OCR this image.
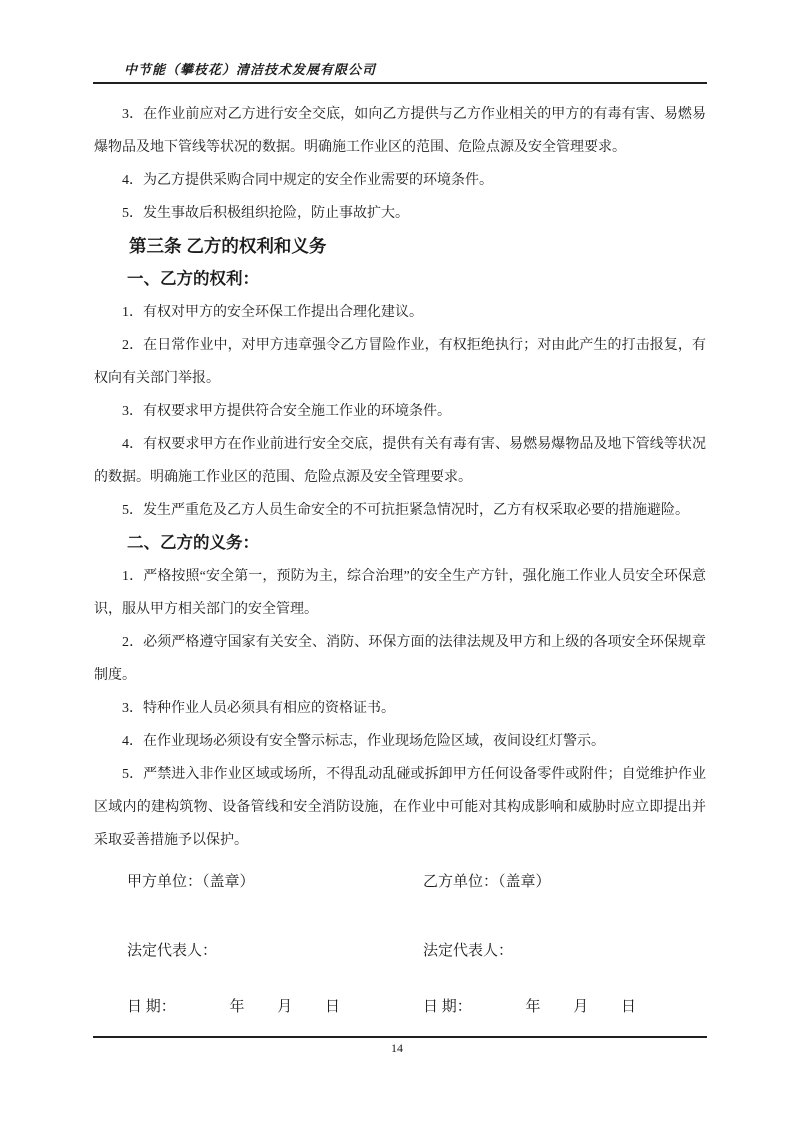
中节能（攀枝花）清洁技术发展有限公司

3．在作业前应对乙方进行安全交底，如向乙方提供与乙方作业相关的甲方的有毒有害、易燃易爆物品及地下管线等状况的数据。明确施工作业区的范围、危险点源及安全管理要求。

4．为乙方提供采购合同中规定的安全作业需要的环境条件。

5．发生事故后积极组织抢险，防止事故扩大。

第三条 乙方的权利和义务

一、乙方的权利：

1．有权对甲方的安全环保工作提出合理化建议。

2．在日常作业中，对甲方违章强令乙方冒险作业，有权拒绝执行；对由此产生的打击报复，有权向有关部门举报。

3．有权要求甲方提供符合安全施工作业的环境条件。

4．有权要求甲方在作业前进行安全交底，提供有关有毒有害、易燃易爆物品及地下管线等状况的数据。明确施工作业区的范围、危险点源及安全管理要求。

5．发生严重危及乙方人员生命安全的不可抗拒紧急情况时，乙方有权采取必要的措施避险。

二、乙方的义务：

1．严格按照“安全第一，预防为主，综合治理”的安全生产方针，强化施工作业人员安全环保意识，服从甲方相关部门的安全管理。

2．必须严格遵守国家有关安全、消防、环保方面的法律法规及甲方和上级的各项安全环保规章制度。

3．特种作业人员必须具有相应的资格证书。

4．在作业现场必须设有安全警示标志，作业现场危险区域，夜间设红灯警示。

5．严禁进入非作业区域或场所，不得乱动乱碰或拆卸甲方任何设备零件或附件；自觉维护作业区域内的建构筑物、设备管线和安全消防设施，在作业中可能对其构成影响和威胁时应立即提出并采取妥善措施予以保护。

甲方单位：（盖章）	乙方单位：（盖章）
法定代表人：	法定代表人：
日 期：	年 月 日	日 期：	年 月 日
14
